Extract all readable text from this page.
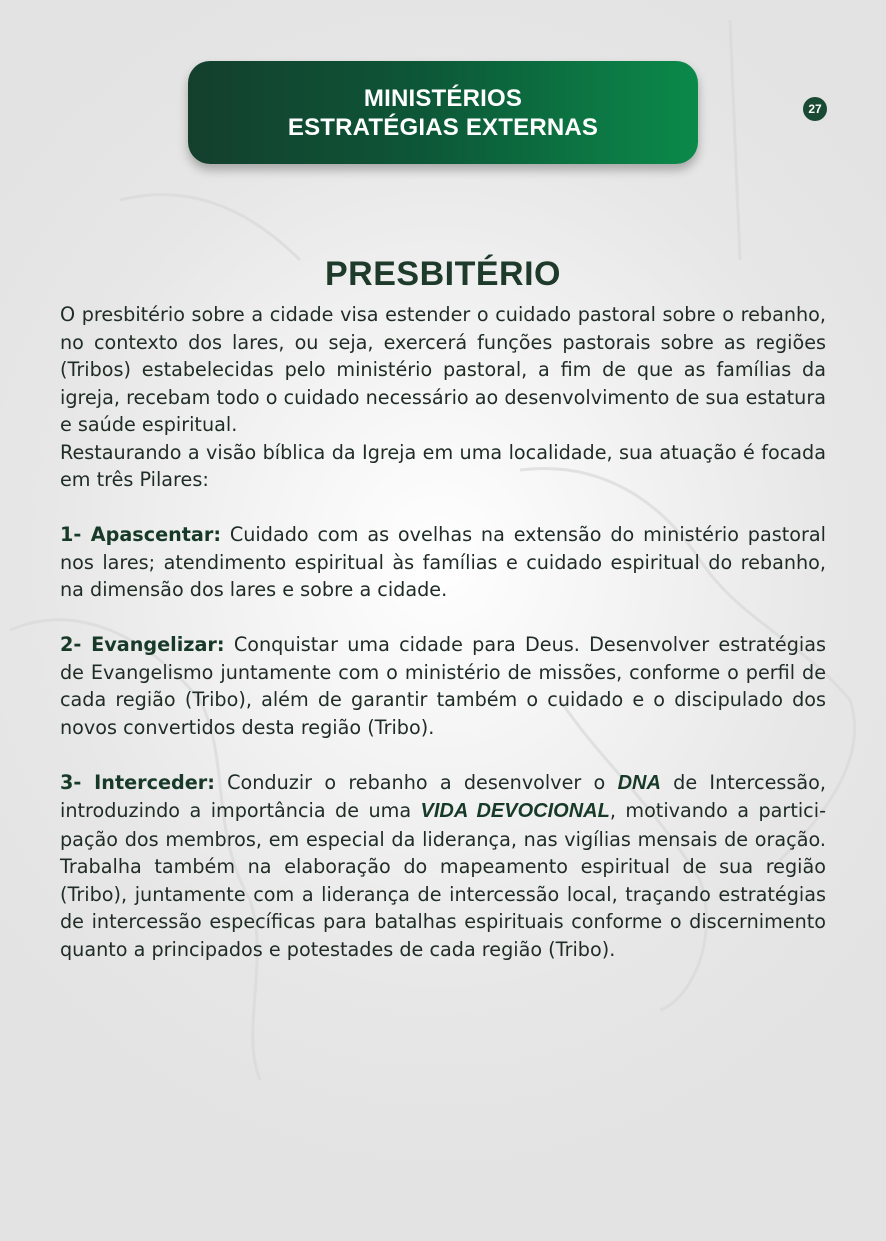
MINISTÉRIOS
ESTRATÉGIAS EXTERNAS
27
PRESBITÉRIO

O presbitério sobre a cidade visa estender o cuidado pastoral sobre o rebanho, no contexto dos lares, ou seja, exercerá funções pastorais sobre as regiões (Tribos) estabelecidas pelo ministério pastoral, a fim de que as famílias da igreja, recebam todo o cuidado necessário ao desenvolvimento de sua estatura e saúde espiritual.

Restaurando a visão bíblica da Igreja em uma localidade, sua atuação é focada em três Pilares:

1- Apascentar: Cuidado com as ovelhas na extensão do ministério pastoral nos lares; atendimento espiritual às famílias e cuidado espiritual do rebanho, na dimensão dos lares e sobre a cidade.

2- Evangelizar: Conquistar uma cidade para Deus. Desenvolver estratégias de Evangelismo juntamente com o ministério de missões, conforme o perfil de cada região (Tribo), além de garantir também o cuidado e o discipulado dos novos convertidos desta região (Tribo).

3- Interceder: Conduzir o rebanho a desenvolver o DNA de Intercessão, introduzindo a importância de uma VIDA DEVOCIONAL, motivando a participação dos membros, em especial da liderança, nas vigílias mensais de oração. Trabalha também na elaboração do mapeamento espiritual de sua região (Tribo), juntamente com a liderança de intercessão local, traçando estratégias de intercessão específicas para batalhas espirituais conforme o discernimento quanto a principados e potestades de cada região (Tribo).
